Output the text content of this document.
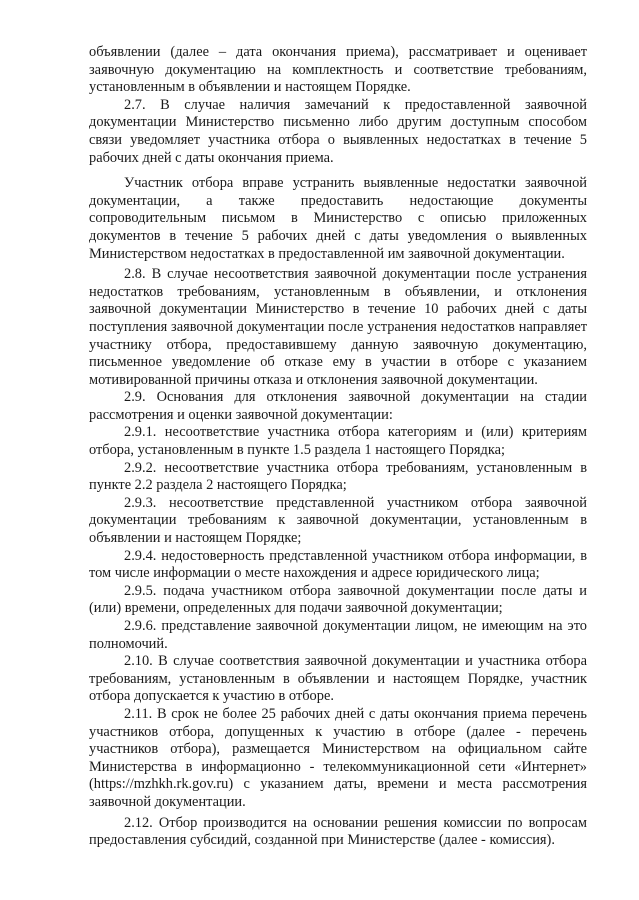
объявлении (далее – дата окончания приема), рассматривает и оценивает заявочную документацию на комплектность и соответствие требованиям, установленным в объявлении и настоящем Порядке.

2.7. В случае наличия замечаний к предоставленной заявочной документации Министерство письменно либо другим доступным способом связи уведомляет участника отбора о выявленных недостатках в течение 5 рабочих дней с даты окончания приема.

Участник отбора вправе устранить выявленные недостатки заявочной документации, а также предоставить недостающие документы сопроводительным письмом в Министерство с описью приложенных документов в течение 5 рабочих дней с даты уведомления о выявленных Министерством недостатках в предоставленной им заявочной документации.

2.8. В случае несоответствия заявочной документации после устранения недостатков требованиям, установленным в объявлении, и отклонения заявочной документации Министерство в течение 10 рабочих дней с даты поступления заявочной документации после устранения недостатков направляет участнику отбора, предоставившему данную заявочную документацию, письменное уведомление об отказе ему в участии в отборе с указанием мотивированной причины отказа и отклонения заявочной документации.

2.9. Основания для отклонения заявочной документации на стадии рассмотрения и оценки заявочной документации:

2.9.1. несоответствие участника отбора категориям и (или) критериям отбора, установленным в пункте 1.5 раздела 1 настоящего Порядка;

2.9.2. несоответствие участника отбора требованиям, установленным в пункте 2.2 раздела 2 настоящего Порядка;

2.9.3. несоответствие представленной участником отбора заявочной документации требованиям к заявочной документации, установленным в объявлении и настоящем Порядке;

2.9.4. недостоверность представленной участником отбора информации, в том числе информации о месте нахождения и адресе юридического лица;

2.9.5. подача участником отбора заявочной документации после даты и (или) времени, определенных для подачи заявочной документации;

2.9.6. представление заявочной документации лицом, не имеющим на это полномочий.

2.10. В случае соответствия заявочной документации и участника отбора требованиям, установленным в объявлении и настоящем Порядке, участник отбора допускается к участию в отборе.

2.11. В срок не более 25 рабочих дней с даты окончания приема перечень участников отбора, допущенных к участию в отборе (далее - перечень участников отбора), размещается Министерством на официальном сайте Министерства в информационно - телекоммуникационной сети «Интернет» (https://mzhkh.rk.gov.ru) с указанием даты, времени и места рассмотрения заявочной документации.

2.12. Отбор производится на основании решения комиссии по вопросам предоставления субсидий, созданной при Министерстве (далее - комиссия).
